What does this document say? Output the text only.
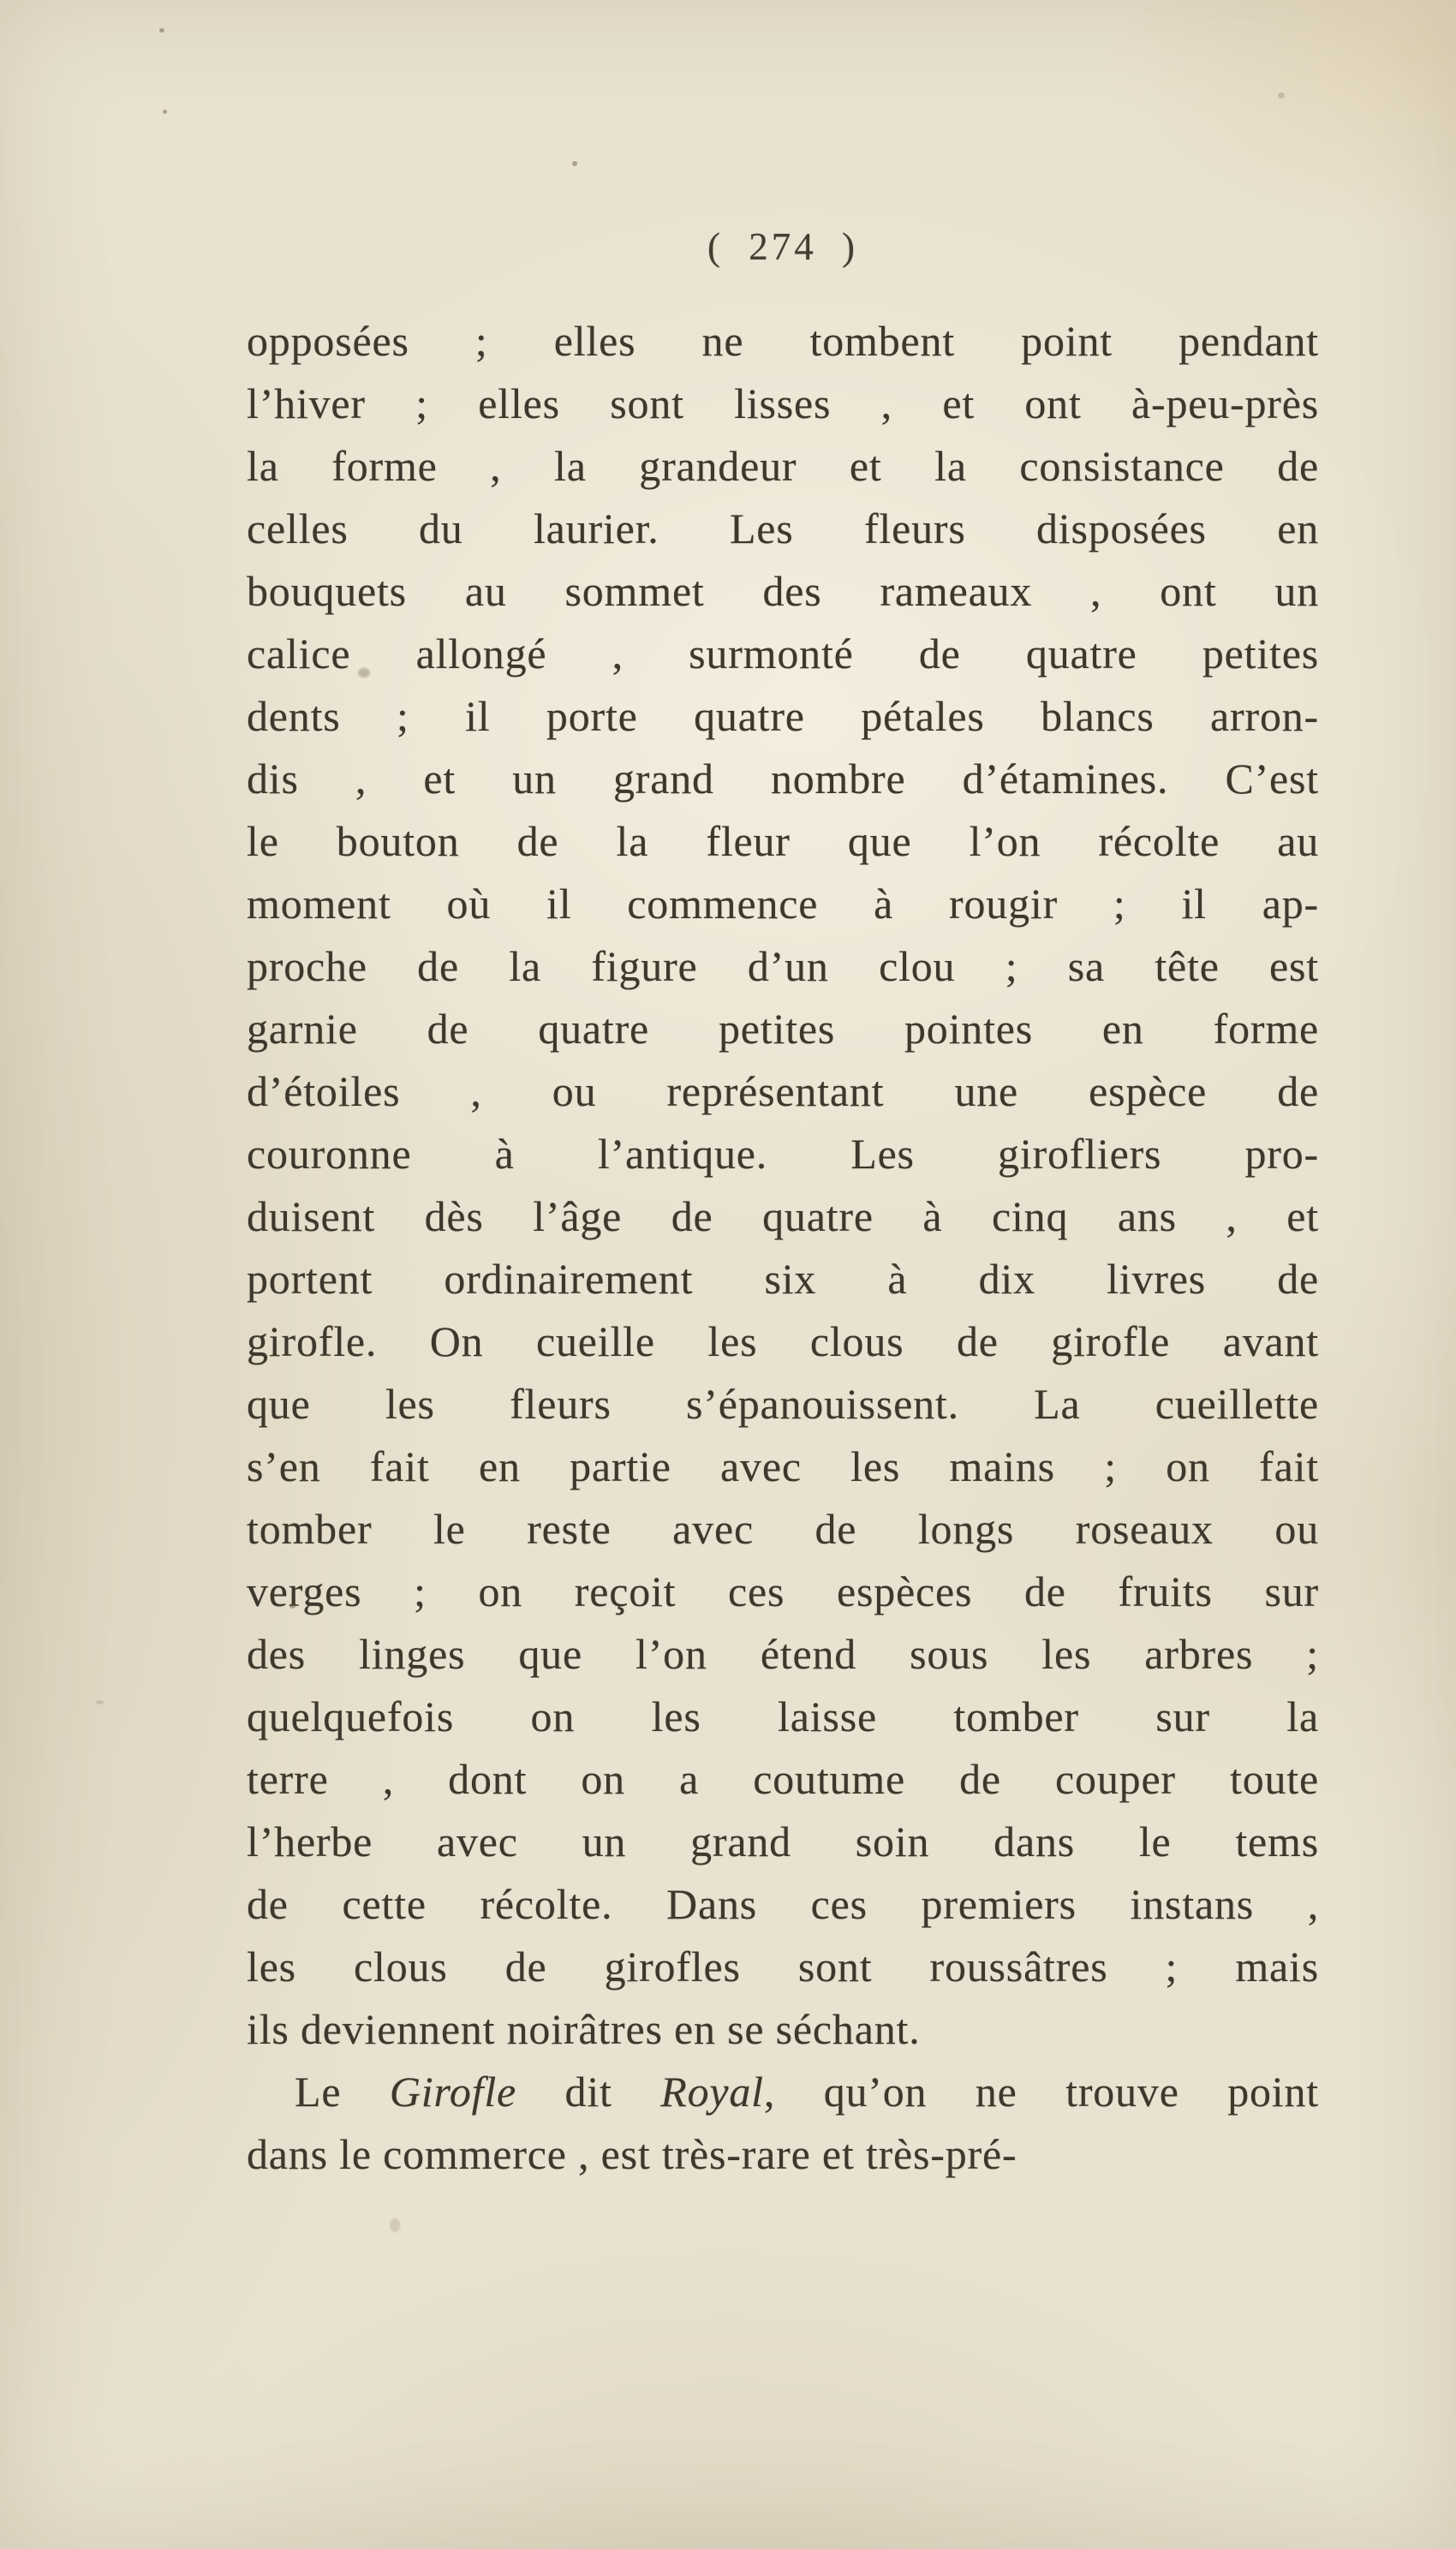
( 274 )
opposées ; elles ne tombent point pendant
l’hiver ; elles sont lisses , et ont à-peu-près
la forme , la grandeur et la consistance de
celles du laurier. Les fleurs disposées en
bouquets au sommet des rameaux , ont un
calice allongé , surmonté de quatre petites
dents ; il porte quatre pétales blancs arron-
dis , et un grand nombre d’étamines. C’est
le bouton de la fleur que l’on récolte au
moment où il commence à rougir ; il ap-
proche de la figure d’un clou ; sa tête est
garnie de quatre petites pointes en forme
d’étoiles , ou représentant une espèce de
couronne à l’antique. Les girofliers pro-
duisent dès l’âge de quatre à cinq ans , et
portent ordinairement six à dix livres de
girofle. On cueille les clous de girofle avant
que les fleurs s’épanouissent. La cueillette
s’en fait en partie avec les mains ; on fait
tomber le reste avec de longs roseaux ou
verges ; on reçoit ces espèces de fruits sur
des linges que l’on étend sous les arbres ;
quelquefois on les laisse tomber sur la
terre , dont on a coutume de couper toute
l’herbe avec un grand soin dans le tems
de cette récolte. Dans ces premiers instans ,
les clous de girofles sont roussâtres ; mais
ils deviennent noirâtres en se séchant.
Le Girofle dit Royal, qu’on ne trouve point
dans le commerce , est très-rare et très-pré-
